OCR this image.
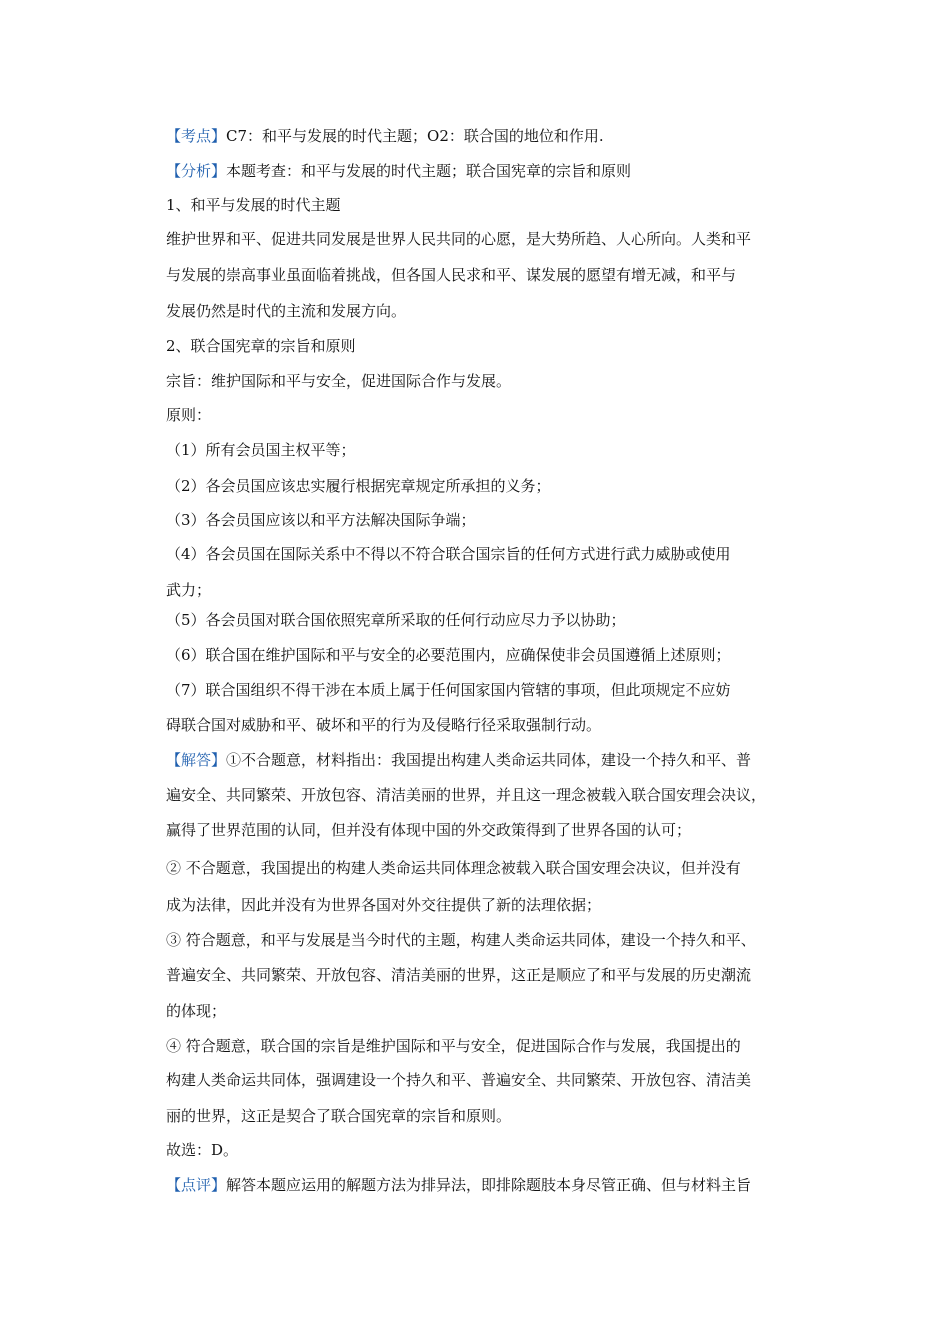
【考点】C7：和平与发展的时代主题；O2：联合国的地位和作用.
【分析】本题考查：和平与发展的时代主题；联合国宪章的宗旨和原则
1、和平与发展的时代主题
维护世界和平、促进共同发展是世界人民共同的心愿，是大势所趋、人心所向。人类和平
与发展的崇高事业虽面临着挑战，但各国人民求和平、谋发展的愿望有增无减，和平与
发展仍然是时代的主流和发展方向。
2、联合国宪章的宗旨和原则
宗旨：维护国际和平与安全，促进国际合作与发展。
原则：
（1）所有会员国主权平等；
（2）各会员国应该忠实履行根据宪章规定所承担的义务；
（3）各会员国应该以和平方法解决国际争端；
（4）各会员国在国际关系中不得以不符合联合国宗旨的任何方式进行武力威胁或使用
武力；
（5）各会员国对联合国依照宪章所采取的任何行动应尽力予以协助；
（6）联合国在维护国际和平与安全的必要范围内，应确保使非会员国遵循上述原则；
（7）联合国组织不得干涉在本质上属于任何国家国内管辖的事项，但此项规定不应妨
碍联合国对威胁和平、破坏和平的行为及侵略行径采取强制行动。
【解答】①不合题意，材料指出：我国提出构建人类命运共同体，建设一个持久和平、普
遍安全、共同繁荣、开放包容、清洁美丽的世界，并且这一理念被载入联合国安理会决议，
赢得了世界范围的认同，但并没有体现中国的外交政策得到了世界各国的认可；
② 不合题意，我国提出的构建人类命运共同体理念被载入联合国安理会决议，但并没有
成为法律，因此并没有为世界各国对外交往提供了新的法理依据；
③ 符合题意，和平与发展是当今时代的主题，构建人类命运共同体，建设一个持久和平、
普遍安全、共同繁荣、开放包容、清洁美丽的世界，这正是顺应了和平与发展的历史潮流
的体现；
④ 符合题意，联合国的宗旨是维护国际和平与安全，促进国际合作与发展，我国提出的
构建人类命运共同体，强调建设一个持久和平、普遍安全、共同繁荣、开放包容、清洁美
丽的世界，这正是契合了联合国宪章的宗旨和原则。
故选：D。
【点评】解答本题应运用的解题方法为排异法，即排除题肢本身尽管正确、但与材料主旨
